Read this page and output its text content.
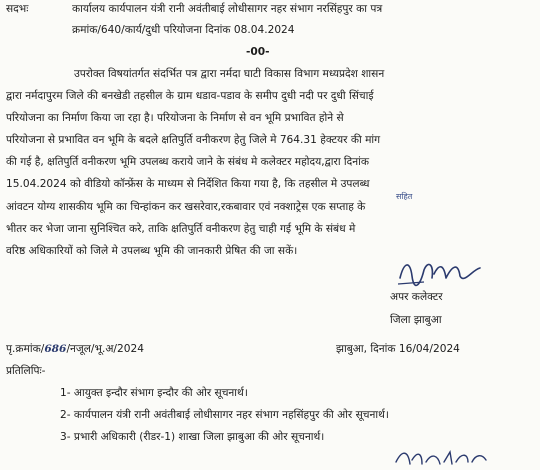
सदभः	कार्यालय कार्यपालन यंत्री रानी अवंतीबाई लोधीसागर नहर संभाग नरसिंहपुर का पत्र
क्रमांक/640/कार्य/दुधी परियोजना दिनांक 08.04.2024
-00-
उपरोक्त विषयांतर्गत संदर्भित पत्र द्वारा नर्मदा घाटी विकास विभाग मध्यप्रदेश शासन
द्वारा नर्मदापुरम जिले की बनखेडी तहसील के ग्राम धडाव-पडाव के समीप दुधी नदी पर दुधी सिंचाई
परियोजना का निर्माण किया जा रहा है। परियोजना के निर्माण से वन भूमि प्रभावित होने से
परियोजना से प्रभावित वन भूमि के बदले क्षतिपुर्ति वनीकरण हेतु जिले मे 764.31 हेक्टयर की मांग
की गई है, क्षतिपुर्ति वनीकरण भूमि उपलब्ध कराये जाने के संबंध मे कलेक्टर महोदय,द्वारा दिनांक
15.04.2024 को वीडियो कॉन्फ्रेंस के माध्यम से निर्देशित किया गया है, कि तहसील मे उपलब्ध
सहित
आंवटन योग्य शासकीय भूमि का चिन्हांकन कर खसरेवार,रकबावार एवं नक्शाट्रेस एक सप्ताह के
भीतर कर भेजा जाना सुनिश्चित करे, ताकि क्षतिपुर्ति वनीकरण हेतु चाही गई भूमि के संबंध मे
वरिष्ठ अधिकारियों को जिले मे उपलब्ध भूमि की जानकारी प्रेषित की जा सकें।
अपर कलेक्टर
जिला झाबुआ
पृ.क्रमांक/686/नजूल/भू.अ/2024	झाबुआ, दिनांक 16/04/2024
प्रतिलिपिः-
1- आयुक्त इन्दौर संभाग इन्दौर की ओर सूचनार्थ।
2- कार्यपालन यंत्री रानी अवंतीबाई लोधीसागर नहर संभाग नहसिंहपुर की ओर सूचनार्थ।
3- प्रभारी अधिकारी (रीडर-1) शाखा जिला झाबुआ की ओर सूचनार्थ।
